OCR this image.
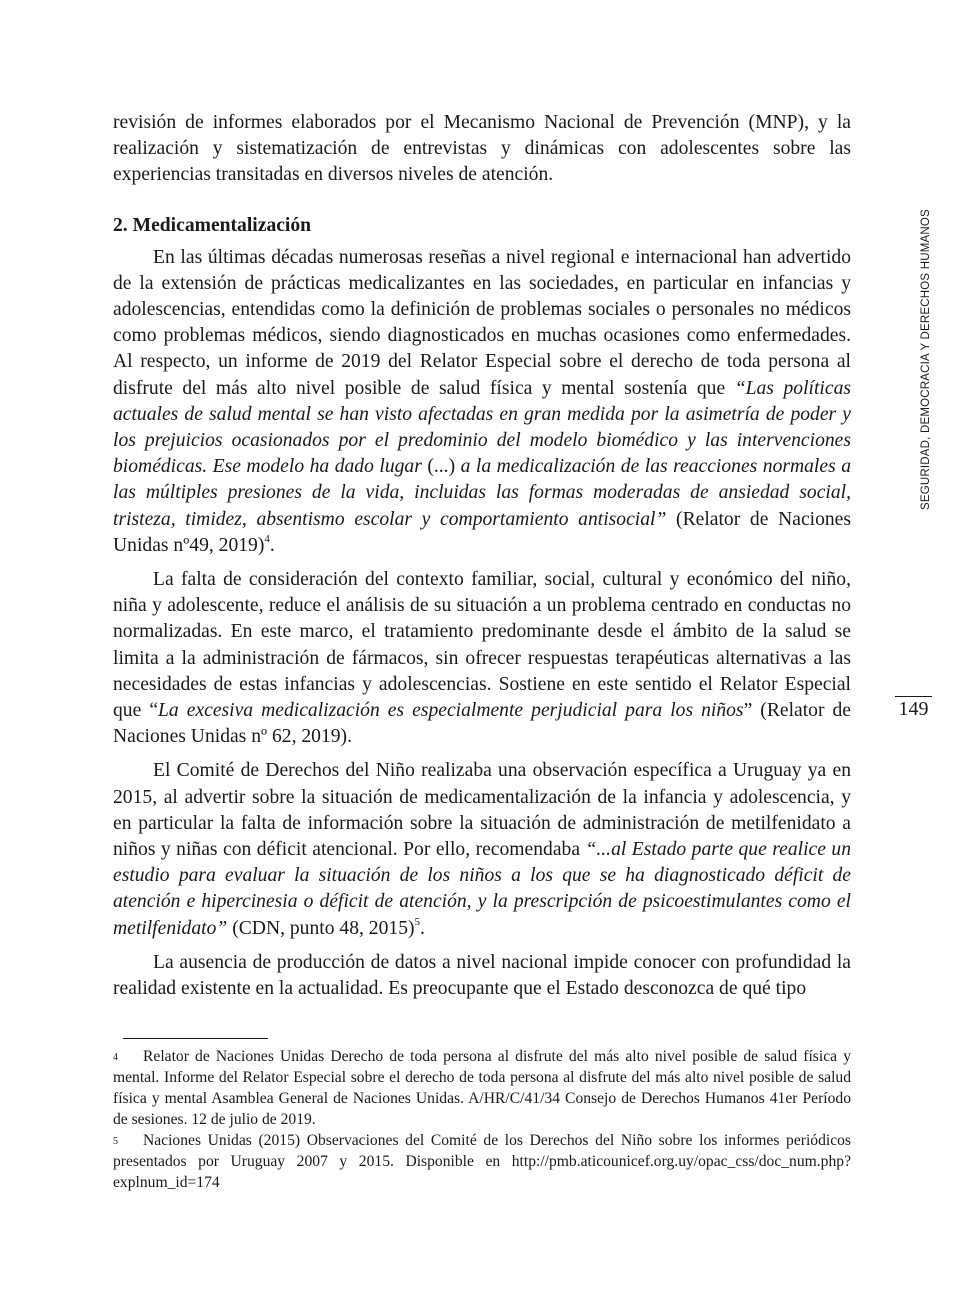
revisión de informes elaborados por el Mecanismo Nacional de Prevención (MNP), y la realización y sistematización de entrevistas y dinámicas con adolescentes sobre las experiencias transitadas en diversos niveles de atención.

2. Medicamentalización

En las últimas décadas numerosas reseñas a nivel regional e internacional han advertido de la extensión de prácticas medicalizantes en las sociedades, en particular en infancias y adolescencias, entendidas como la definición de problemas sociales o personales no médicos como problemas médicos, siendo diagnosticados en muchas ocasiones como enfermedades. Al respecto, un informe de 2019 del Relator Especial sobre el derecho de toda persona al disfrute del más alto nivel posible de salud física y mental sostenía que “Las políticas actuales de salud mental se han visto afectadas en gran medida por la asimetría de poder y los prejuicios ocasionados por el predominio del modelo biomédico y las intervenciones biomédicas. Ese modelo ha dado lugar (...) a la medicalización de las reacciones normales a las múltiples presiones de la vida, incluidas las formas moderadas de ansiedad social, tristeza, timidez, absentismo escolar y comportamiento antisocial” (Relator de Naciones Unidas nº49, 2019)$^4$.

La falta de consideración del contexto familiar, social, cultural y económico del niño, niña y adolescente, reduce el análisis de su situación a un problema centrado en conductas no normalizadas. En este marco, el tratamiento predominante desde el ámbito de la salud se limita a la administración de fármacos, sin ofrecer respuestas terapéuticas alternativas a las necesidades de estas infancias y adolescencias. Sostiene en este sentido el Relator Especial que “La excesiva medicalización es especialmente perjudicial para los niños” (Relator de Naciones Unidas nº 62, 2019).

El Comité de Derechos del Niño realizaba una observación específica a Uruguay ya en 2015, al advertir sobre la situación de medicamentalización de la infancia y adolescencia, y en particular la falta de información sobre la situación de administración de metilfenidato a niños y niñas con déficit atencional. Por ello, recomendaba “...al Estado parte que realice un estudio para evaluar la situación de los niños a los que se ha diagnosticado déficit de atención e hipercinesia o déficit de atención, y la prescripción de psicoestimulantes como el metilfenidato” (CDN, punto 48, 2015)$^5$.

La ausencia de producción de datos a nivel nacional impide conocer con profundidad la realidad existente en la actualidad. Es preocupante que el Estado desconozca de qué tipo

4 Relator de Naciones Unidas Derecho de toda persona al disfrute del más alto nivel posible de salud física y mental. Informe del Relator Especial sobre el derecho de toda persona al disfrute del más alto nivel posible de salud física y mental Asamblea General de Naciones Unidas. A/HR/C/41/34 Consejo de Derechos Humanos 41er Período de sesiones. 12 de julio de 2019.

5 Naciones Unidas (2015) Observaciones del Comité de los Derechos del Niño sobre los informes periódicos presentados por Uruguay 2007 y 2015. Disponible en http://pmb.aticounicef.org.uy/opac_css/doc_num.php?explnum_id=174

SEGURIDAD, DEMOCRACIA Y DERECHOS HUMANOS
149
